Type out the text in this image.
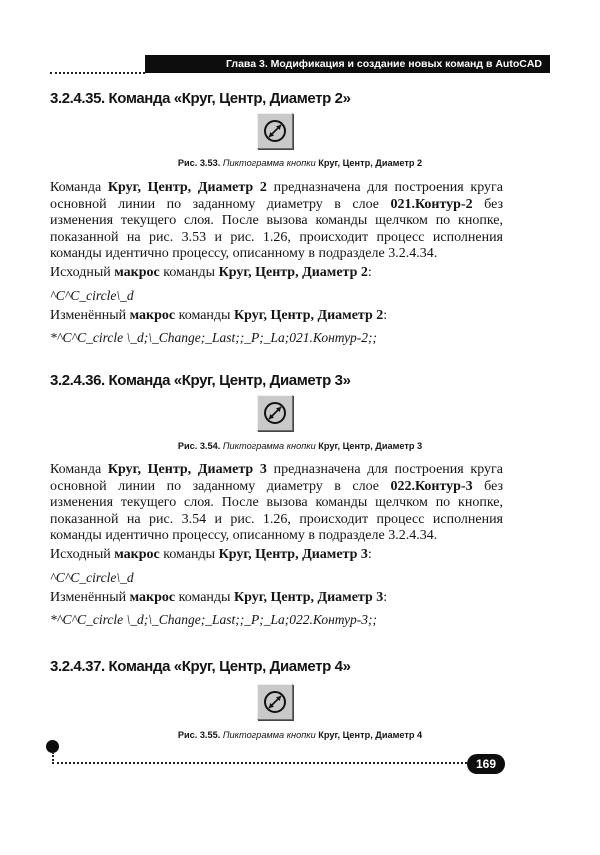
Глава 3. Модификация и создание новых команд в AutoCAD
3.2.4.35. Команда «Круг, Центр, Диаметр 2»
Рис. 3.53. Пиктограмма кнопки Круг, Центр, Диаметр 2

Команда Круг, Центр, Диаметр 2 предназначена для построения круга основной линии по заданному диаметру в слое 021.Контур-2 без изменения текущего слоя. После вызова команды щелчком по кнопке, показанной на рис. 3.53 и рис. 1.26, происходит процесс исполнения команды идентично процессу, описанному в подразделе 3.2.4.34.

Исходный макрос команды Круг, Центр, Диаметр 2:
^C^C_circle\_d
Изменённый макрос команды Круг, Центр, Диаметр 2:
*^C^C_circle \_d;\_Change;_Last;;_P;_La;021.Контур-2;;
3.2.4.36. Команда «Круг, Центр, Диаметр 3»
Рис. 3.54. Пиктограмма кнопки Круг, Центр, Диаметр 3

Команда Круг, Центр, Диаметр 3 предназначена для построения круга основной линии по заданному диаметру в слое 022.Контур-3 без изменения текущего слоя. После вызова команды щелчком по кнопке, показанной на рис. 3.54 и рис. 1.26, происходит процесс исполнения команды идентично процессу, описанному в подразделе 3.2.4.34.

Исходный макрос команды Круг, Центр, Диаметр 3:
^C^C_circle\_d
Изменённый макрос команды Круг, Центр, Диаметр 3:
*^C^C_circle \_d;\_Change;_Last;;_P;_La;022.Контур-3;;
3.2.4.37. Команда «Круг, Центр, Диаметр 4»
Рис. 3.55. Пиктограмма кнопки Круг, Центр, Диаметр 4
169
